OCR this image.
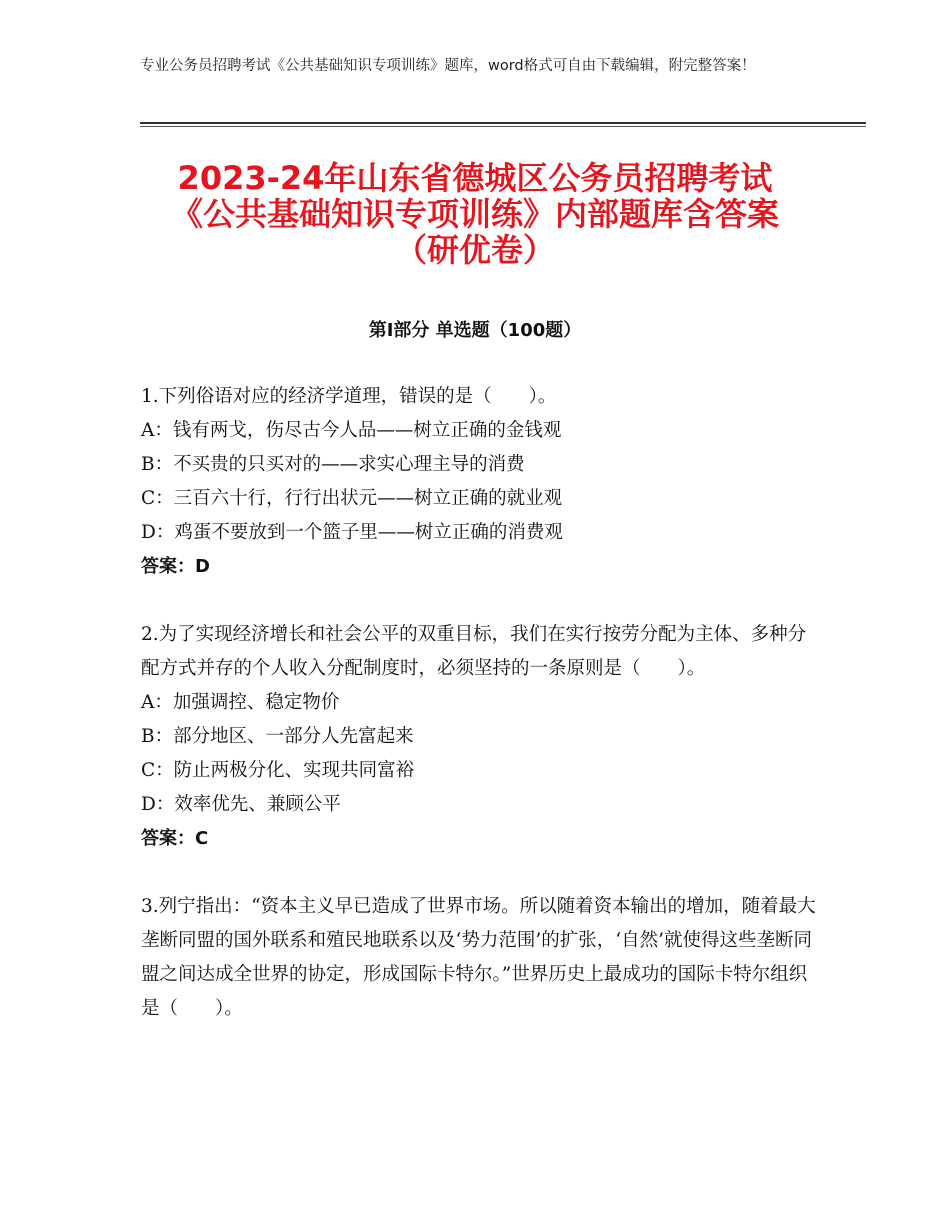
专业公务员招聘考试《公共基础知识专项训练》题库，word格式可自由下载编辑，附完整答案！
2023-24年山东省德城区公务员招聘考试
《公共基础知识专项训练》内部题库含答案
（研优卷）
第Ⅰ部分 单选题（100题）
1.下列俗语对应的经济学道理，错误的是（　　）。
A：钱有两戈，伤尽古今人品——树立正确的金钱观
B：不买贵的只买对的——求实心理主导的消费
C：三百六十行，行行出状元——树立正确的就业观
D：鸡蛋不要放到一个篮子里——树立正确的消费观
答案：D
2.为了实现经济增长和社会公平的双重目标，我们在实行按劳分配为主体、多种分配方式并存的个人收入分配制度时，必须坚持的一条原则是（　　）。
A：加强调控、稳定物价
B：部分地区、一部分人先富起来
C：防止两极分化、实现共同富裕
D：效率优先、兼顾公平
答案：C
3.列宁指出：“资本主义早已造成了世界市场。所以随着资本输出的增加，随着最大垄断同盟的国外联系和殖民地联系以及‘势力范围’的扩张，‘自然’就使得这些垄断同盟之间达成全世界的协定，形成国际卡特尔。”世界历史上最成功的国际卡特尔组织是（　　）。
